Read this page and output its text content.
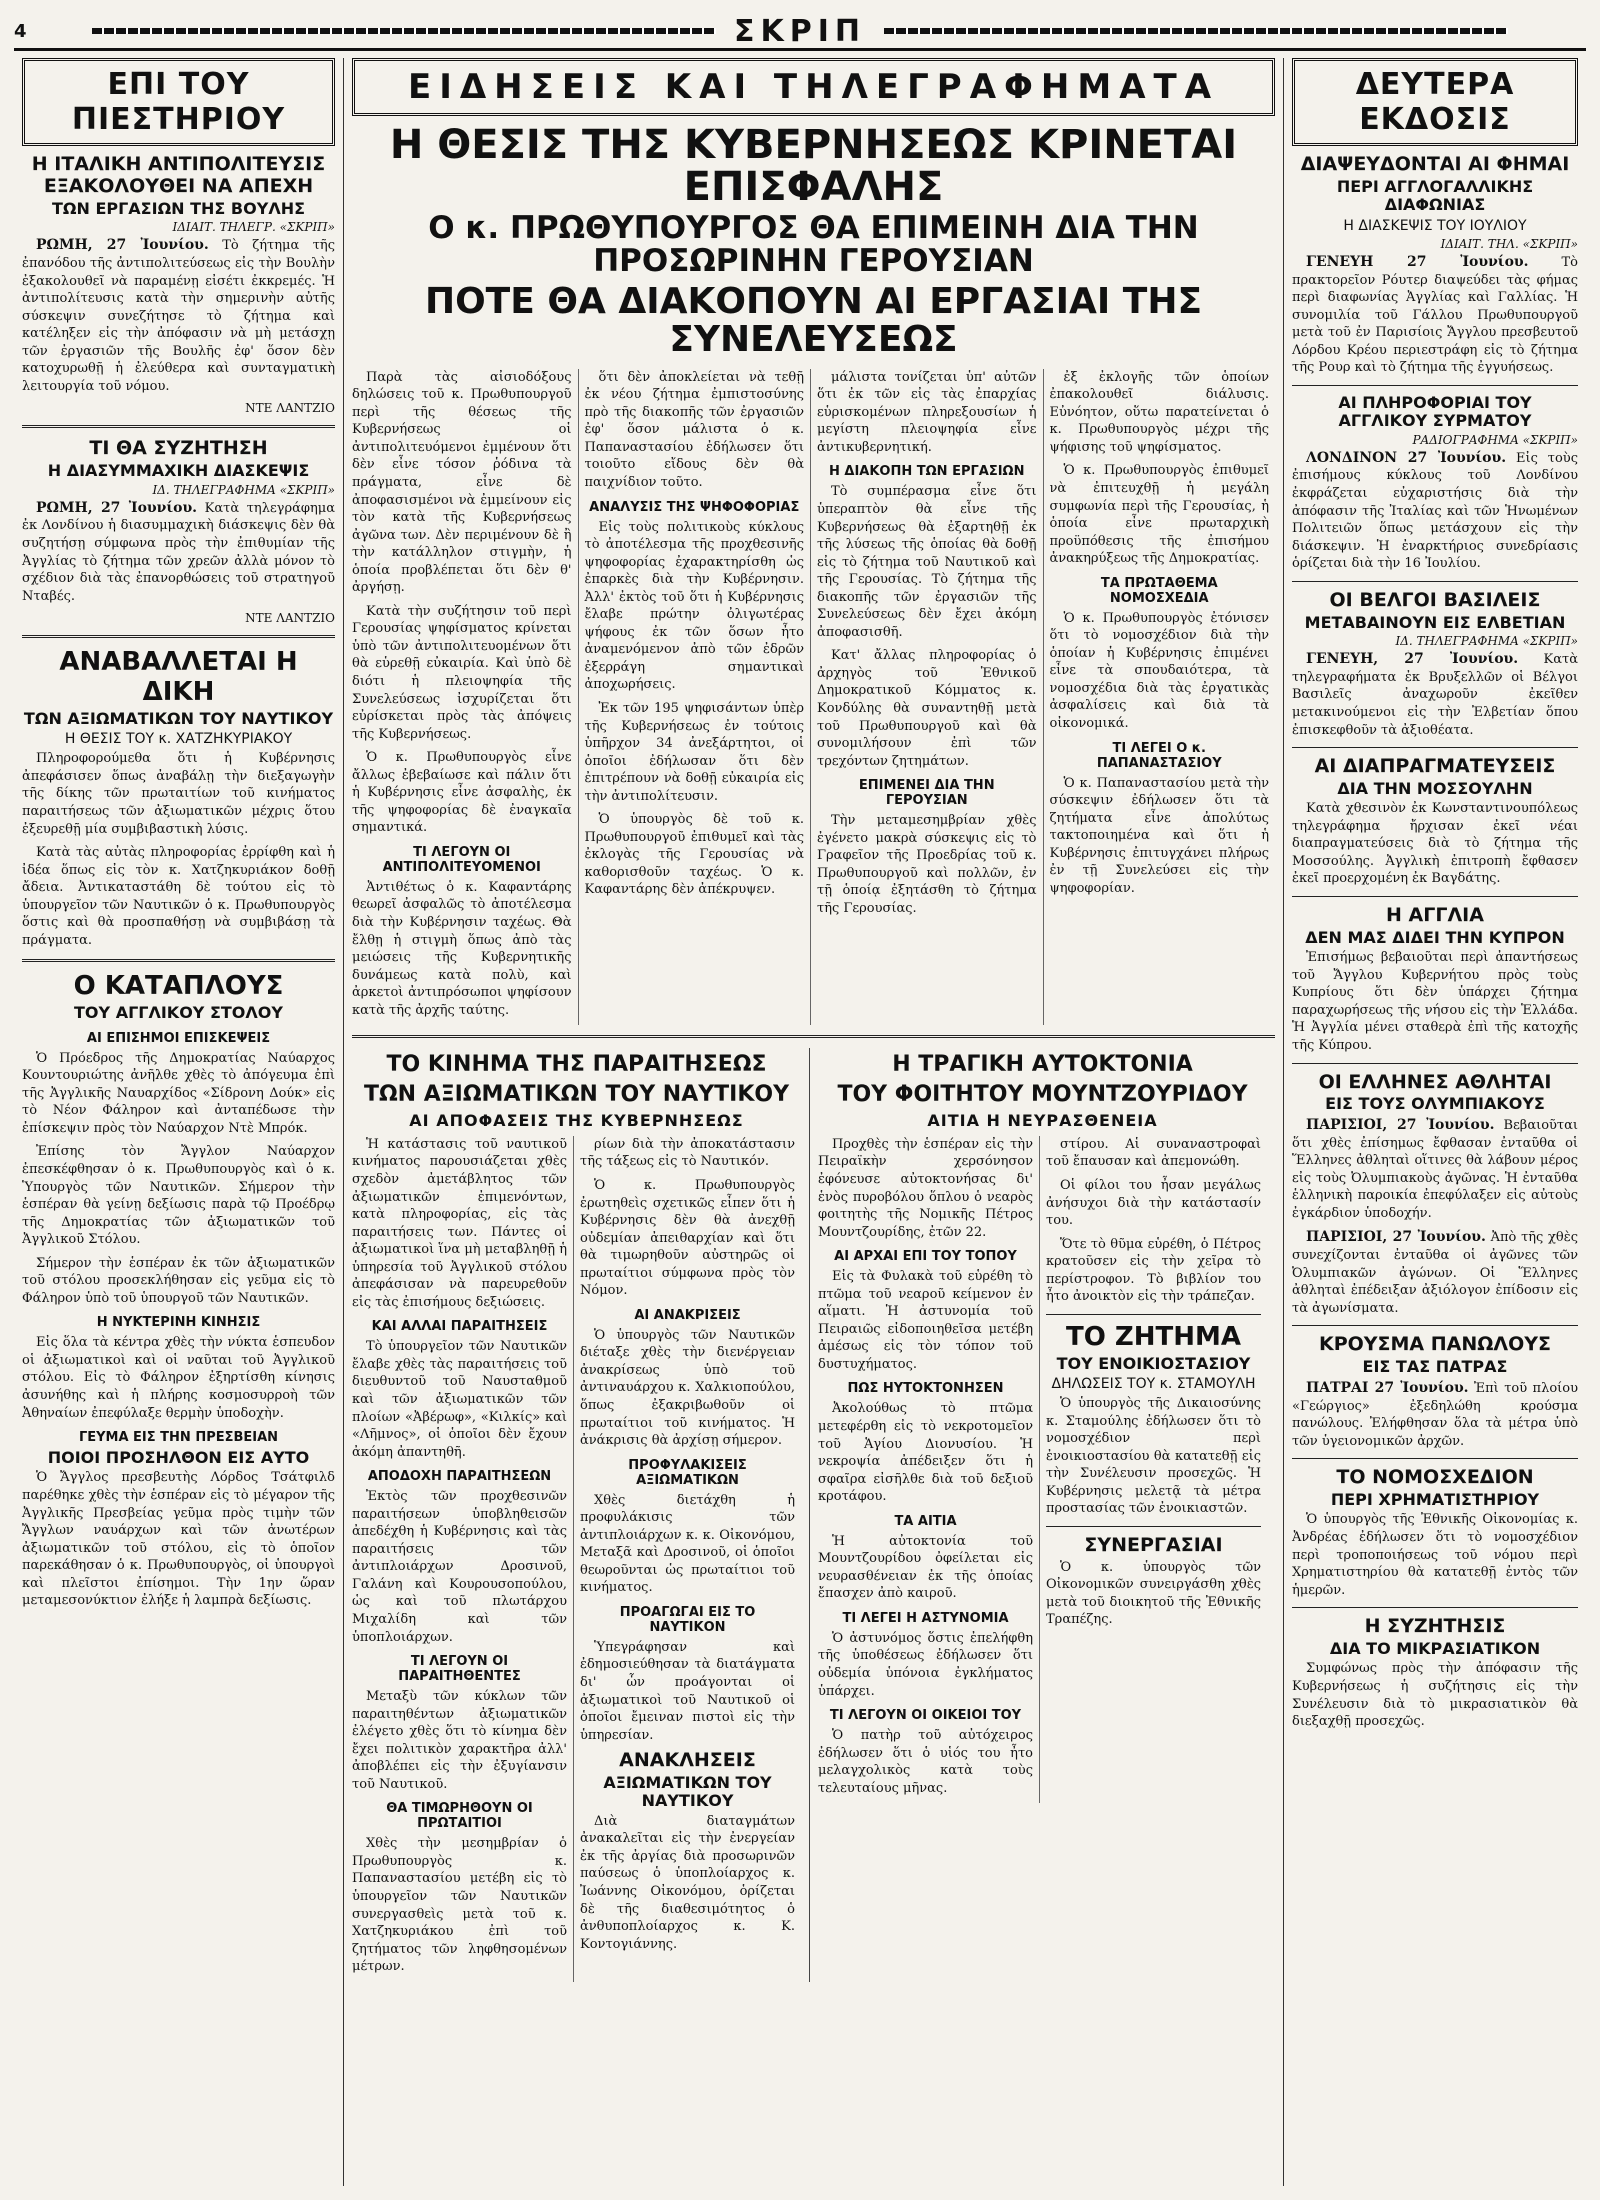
4	ΣΚΡΙΠ
ΕΠΙ ΤΟΥ ΠΙΕΣΤΗΡΙΟΥ
Η ΙΤΑΛΙΚΗ ΑΝΤΙΠΟΛΙΤΕΥΣΙΣ ΕΞΑΚΟΛΟΥΘΕΙ ΝΑ ΑΠΕΧΗ
ΤΩΝ ΕΡΓΑΣΙΩΝ ΤΗΣ ΒΟΥΛΗΣ
ΙΔΙΑΙΤ. ΤΗΛΕΓΡ. «ΣΚΡΙΠ»

ΡΩΜΗ, 27 Ἰουνίου. Τὸ ζήτημα τῆς ἐπανόδου τῆς ἀντιπολιτεύσεως εἰς τὴν Βουλὴν ἐξακολουθεῖ νὰ παραμένῃ εἰσέτι ἐκκρεμές. Ἡ ἀντιπολίτευσις κατὰ τὴν σημερινὴν αὐτῆς σύσκεψιν συνεζήτησε τὸ ζήτημα καὶ κατέληξεν εἰς τὴν ἀπόφασιν νὰ μὴ μετάσχῃ τῶν ἐργασιῶν τῆς Βουλῆς ἐφ' ὅσον δὲν κατοχυρωθῇ ἡ ἐλεύθερα καὶ συνταγματικὴ λειτουργία τοῦ νόμου.

ΝΤΕ ΛΑΝΤΖΙΟ
ΤΙ ΘΑ ΣΥΖΗΤΗΣΗ
Η ΔΙΑΣΥΜΜΑΧΙΚΗ ΔΙΑΣΚΕΨΙΣ
ΙΔ. ΤΗΛΕΓΡΑΦΗΜΑ «ΣΚΡΙΠ»

ΡΩΜΗ, 27 Ἰουνίου. Κατὰ τηλεγράφημα ἐκ Λονδίνου ἡ διασυμμαχικὴ διάσκεψις δὲν θὰ συζητήσῃ σύμφωνα πρὸς τὴν ἐπιθυμίαν τῆς Ἀγγλίας τὸ ζήτημα τῶν χρεῶν ἀλλὰ μόνον τὸ σχέδιον διὰ τὰς ἐπανορθώσεις τοῦ στρατηγοῦ Νταβές.

ΝΤΕ ΛΑΝΤΖΙΟ
ΑΝΑΒΑΛΛΕΤΑΙ Η ΔΙΚΗ
ΤΩΝ ΑΞΙΩΜΑΤΙΚΩΝ ΤΟΥ ΝΑΥΤΙΚΟΥ
Η ΘΕΣΙΣ ΤΟΥ κ. ΧΑΤΖΗΚΥΡΙΑΚΟΥ

Πληροφορούμεθα ὅτι ἡ Κυβέρνησις ἀπεφάσισεν ὅπως ἀναβάλῃ τὴν διεξαγωγὴν τῆς δίκης τῶν πρωταιτίων τοῦ κινήματος παραιτήσεως τῶν ἀξιωματικῶν μέχρις ὅτου ἐξευρεθῇ μία συμβιβαστικὴ λύσις.

Κατὰ τὰς αὐτὰς πληροφορίας ἐρρίφθη καὶ ἡ ἰδέα ὅπως εἰς τὸν κ. Χατζηκυριάκον δοθῇ ἄδεια. Ἀντικαταστάθη δὲ τούτου εἰς τὸ ὑπουργεῖον τῶν Ναυτικῶν ὁ κ. Πρωθυπουργὸς ὅστις καὶ θὰ προσπαθήσῃ νὰ συμβιβάσῃ τὰ πράγματα.

Ο ΚΑΤΑΠΛΟΥΣ
ΤΟΥ ΑΓΓΛΙΚΟΥ ΣΤΟΛΟΥ
ΑΙ ΕΠΙΣΗΜΟΙ ΕΠΙΣΚΕΨΕΙΣ

Ὁ Πρόεδρος τῆς Δημοκρατίας Ναύαρχος Κουντουριώτης ἀνῆλθε χθὲς τὸ ἀπόγευμα ἐπὶ τῆς Ἀγγλικῆς Ναυαρχίδος «Σίδρονη Δούκ» εἰς τὸ Νέον Φάληρον καὶ ἀνταπέδωσε τὴν ἐπίσκεψιν πρὸς τὸν Ναύαρχον Ντὲ Μπρόκ.

Ἐπίσης τὸν Ἄγγλον Ναύαρχον ἐπεσκέφθησαν ὁ κ. Πρωθυπουργὸς καὶ ὁ κ. Ὑπουργὸς τῶν Ναυτικῶν. Σήμερον τὴν ἑσπέραν θὰ γείνῃ δεξίωσις παρὰ τῷ Προέδρῳ τῆς Δημοκρατίας τῶν ἀξιωματικῶν τοῦ Ἀγγλικοῦ Στόλου.

Σήμερον τὴν ἑσπέραν ἐκ τῶν ἀξιωματικῶν τοῦ στόλου προσεκλήθησαν εἰς γεῦμα εἰς τὸ Φάληρον ὑπὸ τοῦ ὑπουργοῦ τῶν Ναυτικῶν.

Η ΝΥΚΤΕΡΙΝΗ ΚΙΝΗΣΙΣ

Εἰς ὅλα τὰ κέντρα χθὲς τὴν νύκτα ἑσπευδον οἱ ἀξιωματικοὶ καὶ οἱ ναῦται τοῦ Ἀγγλικοῦ στόλου. Εἰς τὸ Φάληρον ἐξηρτίσθη κίνησις ἀσυνήθης καὶ ἡ πλήρης κοσμοσυρροὴ τῶν Ἀθηναίων ἐπεφύλαξε θερμὴν ὑποδοχὴν.

ΓΕΥΜΑ ΕΙΣ ΤΗΝ ΠΡΕΣΒΕΙΑΝ
ΠΟΙΟΙ ΠΡΟΣΗΛΘΟΝ ΕΙΣ ΑΥΤΟ

Ὁ Ἄγγλος πρεσβευτὴς Λόρδος Τσάτφιλδ παρέθηκε χθὲς τὴν ἑσπέραν εἰς τὸ μέγαρον τῆς Ἀγγλικῆς Πρεσβείας γεῦμα πρὸς τιμὴν τῶν Ἄγγλων ναυάρχων καὶ τῶν ἀνωτέρων ἀξιωματικῶν τοῦ στόλου, εἰς τὸ ὁποῖον παρεκάθησαν ὁ κ. Πρωθυπουργὸς, οἱ ὑπουργοὶ καὶ πλεῖστοι ἐπίσημοι. Τὴν 1ην ὥραν μεταμεσονύκτιον ἐλήξε ἡ λαμπρὰ δεξίωσις.

ΕΙΔΗΣΕΙΣ ΚΑΙ ΤΗΛΕΓΡΑΦΗΜΑΤΑ
Η ΘΕΣΙΣ ΤΗΣ ΚΥΒΕΡΝΗΣΕΩΣ ΚΡΙΝΕΤΑΙ ΕΠΙΣΦΑΛΗΣ
Ο κ. ΠΡΩΘΥΠΟΥΡΓΟΣ ΘΑ ΕΠΙΜΕΙΝΗ ΔΙΑ ΤΗΝ ΠΡΟΣΩΡΙΝΗΝ ΓΕΡΟΥΣΙΑΝ
ΠΟΤΕ ΘΑ ΔΙΑΚΟΠΟΥΝ ΑΙ ΕΡΓΑΣΙΑΙ ΤΗΣ ΣΥΝΕΛΕΥΣΕΩΣ

Παρὰ τὰς αἰσιοδόξους δηλώσεις τοῦ κ. Πρωθυπουργοῦ περὶ τῆς θέσεως τῆς Κυβερνήσεως οἱ ἀντιπολιτευόμενοι ἐμμένουν ὅτι δὲν εἶνε τόσον ῥόδινα τὰ πράγματα, εἶνε δὲ ἀποφασισμένοι νὰ ἐμμείνουν εἰς τὸν κατὰ τῆς Κυβερνήσεως ἀγῶνα των. Δὲν περιμένουν δὲ ἢ τὴν κατάλληλον στιγμὴν, ἡ ὁποία προβλέπεται ὅτι δὲν θ' ἀργήσῃ.

Κατὰ τὴν συζήτησιν τοῦ περὶ Γερουσίας ψηφίσματος κρίνεται ὑπὸ τῶν ἀντιπολιτευομένων ὅτι θὰ εὑρεθῇ εὐκαιρία. Καὶ ὑπὸ δὲ διότι ἡ πλειοψηφία τῆς Συνελεύσεως ἰσχυρίζεται ὅτι εὐρίσκεται πρὸς τὰς ἀπόψεις τῆς Κυβερνήσεως.

Ὁ κ. Πρωθυπουργὸς εἶνε ἄλλως ἐβεβαίωσε καὶ πάλιν ὅτι ἡ Κυβέρνησις εἶνε ἀσφαλὴς, ἐκ τῆς ψηφοφορίας δὲ ἐναγκαῖα σημαντικά.

ΤΙ ΛΕΓΟΥΝ ΟΙ ΑΝΤΙΠΟΛΙΤΕΥΟΜΕΝΟΙ

Ἀντιθέτως ὁ κ. Καφαντάρης θεωρεῖ ἀσφαλῶς τὸ ἀποτέλεσμα διὰ τὴν Κυβέρνησιν ταχέως. Θὰ ἔλθῃ ἡ στιγμὴ ὅπως ἀπὸ τὰς μειώσεις τῆς Κυβερνητικῆς δυνάμεως κατὰ πολὺ, καὶ ἀρκετοὶ ἀντιπρόσωποι ψηφίσουν κατὰ τῆς ἀρχῆς ταύτης.

ὅτι δὲν ἀποκλείεται νὰ τεθῇ ἐκ νέου ζήτημα ἐμπιστοσύνης πρὸ τῆς διακοπῆς τῶν ἐργασιῶν ἐφ' ὅσον μάλιστα ὁ κ. Παπαναστασίου ἐδήλωσεν ὅτι τοιοῦτο εἴδους δὲν θὰ παιχνίδιον τοῦτο.

ΑΝΑΛΥΣΙΣ ΤΗΣ ΨΗΦΟΦΟΡΙΑΣ

Εἰς τοὺς πολιτικοὺς κύκλους τὸ ἀποτέλεσμα τῆς προχθεσινῆς ψηφοφορίας ἐχαρακτηρίσθη ὡς ἐπαρκὲς διὰ τὴν Κυβέρνησιν. Ἀλλ' ἐκτὸς τοῦ ὅτι ἡ Κυβέρνησις ἔλαβε πρώτην ὀλιγωτέρας ψήφους ἐκ τῶν ὅσων ἦτο ἀναμενόμενον ἀπὸ τῶν ἐδρῶν ἐξερράγη σημαντικαὶ ἀποχωρήσεις.

Ἐκ τῶν 195 ψηφισάντων ὑπὲρ τῆς Κυβερνήσεως ἐν τούτοις ὑπῆρχον 34 ἀνεξάρτητοι, οἱ ὁποῖοι ἐδήλωσαν ὅτι δὲν ἐπιτρέπουν νὰ δοθῇ εὐκαιρία εἰς τὴν ἀντιπολίτευσιν.

Ὁ ὑπουργὸς δὲ τοῦ κ. Πρωθυπουργοῦ ἐπιθυμεῖ καὶ τὰς ἐκλογὰς τῆς Γερουσίας νὰ καθορισθοῦν ταχέως. Ὁ κ. Καφαντάρης δὲν ἀπέκρυψεν.

μάλιστα τονίζεται ὑπ' αὐτῶν ὅτι ἐκ τῶν εἰς τὰς ἐπαρχίας εὑρισκομένων πληρεξουσίων ἡ μεγίστη πλειοψηφία εἶνε ἀντικυβερνητική.

Η ΔΙΑΚΟΠΗ ΤΩΝ ΕΡΓΑΣΙΩΝ

Τὸ συμπέρασμα εἶνε ὅτι ὑπεραπτὸν θὰ εἶνε τῆς Κυβερνήσεως θὰ ἐξαρτηθῇ ἐκ τῆς λύσεως τῆς ὁποίας θὰ δοθῇ εἰς τὸ ζήτημα τοῦ Ναυτικοῦ καὶ τῆς Γερουσίας. Τὸ ζήτημα τῆς διακοπῆς τῶν ἐργασιῶν τῆς Συνελεύσεως δὲν ἔχει ἀκόμη ἀποφασισθῆ.

Κατ' ἄλλας πληροφορίας ὁ ἀρχηγὸς τοῦ Ἐθνικοῦ Δημοκρατικοῦ Κόμματος κ. Κονδύλης θὰ συναντηθῇ μετὰ τοῦ Πρωθυπουργοῦ καὶ θὰ συνομιλήσουν ἐπὶ τῶν τρεχόντων ζητημάτων.

ΕΠΙΜΕΝΕΙ ΔΙΑ ΤΗΝ ΓΕΡΟΥΣΙΑΝ

Τὴν μεταμεσημβρίαν χθὲς ἐγένετο μακρὰ σύσκεψις εἰς τὸ Γραφεῖον τῆς Προεδρίας τοῦ κ. Πρωθυπουργοῦ καὶ πολλῶν, ἐν τῇ ὁποίᾳ ἐξητάσθη τὸ ζήτημα τῆς Γερουσίας.

ἐξ ἐκλογῆς τῶν ὁποίων ἐπακολουθεῖ διάλυσις. Εὐνόητον, οὕτω παρατείνεται ὁ κ. Πρωθυπουργὸς μέχρι τῆς ψήφισης τοῦ ψηφίσματος.

Ὁ κ. Πρωθυπουργὸς ἐπιθυμεῖ νὰ ἐπιτευχθῇ ἡ μεγάλη συμφωνία περὶ τῆς Γερουσίας, ἡ ὁποία εἶνε πρωταρχικὴ προϋπόθεσις τῆς ἐπισήμου ἀνακηρύξεως τῆς Δημοκρατίας.

ΤΑ ΠΡΩΤΑΘΕΜΑ ΝΟΜΟΣΧΕΔΙΑ

Ὁ κ. Πρωθυπουργὸς ἐτόνισεν ὅτι τὸ νομοσχέδιον διὰ τὴν ὁποίαν ἡ Κυβέρνησις ἐπιμένει εἶνε τὰ σπουδαιότερα, τὰ νομοσχέδια διὰ τὰς ἐργατικὰς ἀσφαλίσεις καὶ διὰ τὰ οἰκονομικά.

ΤΙ ΛΕΓΕΙ Ο κ. ΠΑΠΑΝΑΣΤΑΣΙΟΥ

Ὁ κ. Παπαναστασίου μετὰ τὴν σύσκεψιν ἐδήλωσεν ὅτι τὰ ζητήματα εἶνε ἀπολύτως τακτοποιημένα καὶ ὅτι ἡ Κυβέρνησις ἐπιτυγχάνει πλήρως ἐν τῇ Συνελεύσει εἰς τὴν ψηφοφορίαν.

ΤΟ ΚΙΝΗΜΑ ΤΗΣ ΠΑΡΑΙΤΗΣΕΩΣ
ΤΩΝ ΑΞΙΩΜΑΤΙΚΩΝ ΤΟΥ ΝΑΥΤΙΚΟΥ
ΑΙ ΑΠΟΦΑΣΕΙΣ ΤΗΣ ΚΥΒΕΡΝΗΣΕΩΣ

Ἡ κατάστασις τοῦ ναυτικοῦ κινήματος παρουσιάζεται χθὲς σχεδὸν ἀμετάβλητος τῶν ἀξιωματικῶν ἐπιμενόντων, κατὰ πληροφορίας, εἰς τὰς παραιτήσεις των. Πάντες οἱ ἀξιωματικοὶ ἵνα μὴ μεταβληθῇ ἡ ὑπηρεσία τοῦ Ἀγγλικοῦ στόλου ἀπεφάσισαν νὰ παρευρεθοῦν εἰς τὰς ἐπισήμους δεξιώσεις.

ΚΑΙ ΑΛΛΑΙ ΠΑΡΑΙΤΗΣΕΙΣ

Τὸ ὑπουργεῖον τῶν Ναυτικῶν ἔλαβε χθὲς τὰς παραιτήσεις τοῦ διευθυντοῦ τοῦ Ναυσταθμοῦ καὶ τῶν ἀξιωματικῶν τῶν πλοίων «Ἀβέρωφ», «Κιλκίς» καὶ «Λῆμνος», οἱ ὁποῖοι δὲν ἔχουν ἀκόμη ἀπαντηθῆ.

ΑΠΟΔΟΧΗ ΠΑΡΑΙΤΗΣΕΩΝ

Ἐκτὸς τῶν προχθεσινῶν παραιτήσεων ὑποβληθεισῶν ἀπεδέχθη ἡ Κυβέρνησις καὶ τὰς παραιτήσεις τῶν ἀντιπλοιάρχων Δροσινοῦ, Γαλάνη καὶ Κουρουσοπούλου, ὡς καὶ τοῦ πλωτάρχου Μιχαλίδη καὶ τῶν ὑποπλοιάρχων.

ΤΙ ΛΕΓΟΥΝ ΟΙ ΠΑΡΑΙΤΗΘΕΝΤΕΣ

Μεταξὺ τῶν κύκλων τῶν παραιτηθέντων ἀξιωματικῶν ἐλέγετο χθὲς ὅτι τὸ κίνημα δὲν ἔχει πολιτικὸν χαρακτῆρα ἀλλ' ἀποβλέπει εἰς τὴν ἐξυγίανσιν τοῦ Ναυτικοῦ.

ΘΑ ΤΙΜΩΡΗΘΟΥΝ ΟΙ ΠΡΩΤΑΙΤΙΟΙ

Χθὲς τὴν μεσημβρίαν ὁ Πρωθυπουργὸς κ. Παπαναστασίου μετέβη εἰς τὸ ὑπουργεῖον τῶν Ναυτικῶν συνεργασθεὶς μετὰ τοῦ κ. Χατζηκυριάκου ἐπὶ τοῦ ζητήματος τῶν ληφθησομένων μέτρων.

ρίων διὰ τὴν ἀποκατάστασιν τῆς τάξεως εἰς τὸ Ναυτικόν.

Ὁ κ. Πρωθυπουργὸς ἐρωτηθεὶς σχετικῶς εἶπεν ὅτι ἡ Κυβέρνησις δὲν θὰ ἀνεχθῇ οὐδεμίαν ἀπειθαρχίαν καὶ ὅτι θὰ τιμωρηθοῦν αὐστηρῶς οἱ πρωταίτιοι σύμφωνα πρὸς τὸν Νόμον.

ΑΙ ΑΝΑΚΡΙΣΕΙΣ

Ὁ ὑπουργὸς τῶν Ναυτικῶν διέταξε χθὲς τὴν διενέργειαν ἀνακρίσεως ὑπὸ τοῦ ἀντιναυάρχου κ. Χαλκιοπούλου, ὅπως ἐξακριβωθοῦν οἱ πρωταίτιοι τοῦ κινήματος. Ἡ ἀνάκρισις θὰ ἀρχίσῃ σήμερον.

ΠΡΟΦΥΛΑΚΙΣΕΙΣ ΑΞΙΩΜΑΤΙΚΩΝ

Χθὲς διετάχθη ἡ προφυλάκισις τῶν ἀντιπλοιάρχων κ. κ. Οἰκονόμου, Μεταξᾶ καὶ Δροσινοῦ, οἱ ὁποῖοι θεωροῦνται ὡς πρωταίτιοι τοῦ κινήματος.

ΠΡΟΑΓΩΓΑΙ ΕΙΣ ΤΟ ΝΑΥΤΙΚΟΝ

Ὑπεγράφησαν καὶ ἐδημοσιεύθησαν τὰ διατάγματα δι' ὧν προάγονται οἱ ἀξιωματικοὶ τοῦ Ναυτικοῦ οἱ ὁποῖοι ἔμειναν πιστοὶ εἰς τὴν ὑπηρεσίαν.

ΑΝΑΚΛΗΣΕΙΣ
ΑΞΙΩΜΑΤΙΚΩΝ ΤΟΥ ΝΑΥΤΙΚΟΥ

Διὰ διαταγμάτων ἀνακαλεῖται εἰς τὴν ἐνεργείαν ἐκ τῆς ἀργίας διὰ προσωρινῶν παύσεως ὁ ὑποπλοίαρχος κ. Ἰωάννης Οἰκονόμου, ὁρίζεται δὲ τῆς διαθεσιμότητος ὁ ἀνθυποπλοίαρχος κ. Κ. Κοντογιάννης.

Η ΤΡΑΓΙΚΗ ΑΥΤΟΚΤΟΝΙΑ
ΤΟΥ ΦΟΙΤΗΤΟΥ ΜΟΥΝΤΖΟΥΡΙΔΟΥ
ΑΙΤΙΑ Η ΝΕΥΡΑΣΘΕΝΕΙΑ

Προχθὲς τὴν ἑσπέραν εἰς τὴν Πειραϊκὴν χερσόνησον ἐφόνευσε αὐτοκτονήσας δι' ἑνὸς πυροβόλου ὅπλου ὁ νεαρὸς φοιτητὴς τῆς Νομικῆς Πέτρος Μουντζουρίδης, ἐτῶν 22.

ΑΙ ΑΡΧΑΙ ΕΠΙ ΤΟΥ ΤΟΠΟΥ

Εἰς τὰ Φυλακὰ τοῦ εὑρέθη τὸ πτῶμα τοῦ νεαροῦ κείμενον ἐν αἵματι. Ἡ ἀστυνομία τοῦ Πειραιῶς εἰδοποιηθεῖσα μετέβη ἀμέσως εἰς τὸν τόπον τοῦ δυστυχήματος.

ΠΩΣ ΗΥΤΟΚΤΟΝΗΣΕΝ

Ἀκολούθως τὸ πτῶμα μετεφέρθη εἰς τὸ νεκροτομεῖον τοῦ Ἁγίου Διονυσίου. Ἡ νεκροψία ἀπέδειξεν ὅτι ἡ σφαῖρα εἰσῆλθε διὰ τοῦ δεξιοῦ κροτάφου.

ΤΑ ΑΙΤΙΑ

Ἡ αὐτοκτονία τοῦ Μουντζουρίδου ὀφείλεται εἰς νευρασθένειαν ἐκ τῆς ὁποίας ἔπασχεν ἀπὸ καιροῦ.

ΤΙ ΛΕΓΕΙ Η ΑΣΤΥΝΟΜΙΑ

Ὁ ἀστυνόμος ὅστις ἐπελήφθη τῆς ὑποθέσεως ἐδήλωσεν ὅτι οὐδεμία ὑπόνοια ἐγκλήματος ὑπάρχει.

ΤΙ ΛΕΓΟΥΝ ΟΙ ΟΙΚΕΙΟΙ ΤΟΥ

Ὁ πατὴρ τοῦ αὐτόχειρος ἐδήλωσεν ὅτι ὁ υἱός του ἦτο μελαγχολικὸς κατὰ τοὺς τελευταίους μῆνας.

στίρου. Αἱ συναναστροφαὶ τοῦ ἔπαυσαν καὶ ἀπεμονώθη.

Οἱ φίλοι του ἦσαν μεγάλως ἀνήσυχοι διὰ τὴν κατάστασίν του.

Ὅτε τὸ θῦμα εὑρέθη, ὁ Πέτρος κρατοῦσεν εἰς τὴν χεῖρα τὸ περίστροφον. Τὸ βιβλίον του ἦτο ἀνοικτὸν εἰς τὴν τράπεζαν.

ΤΟ ΖΗΤΗΜΑ
ΤΟΥ ΕΝΟΙΚΙΟΣΤΑΣΙΟΥ
ΔΗΛΩΣΕΙΣ ΤΟΥ κ. ΣΤΑΜΟΥΛΗ

Ὁ ὑπουργὸς τῆς Δικαιοσύνης κ. Σταμούλης ἐδήλωσεν ὅτι τὸ νομοσχέδιον περὶ ἐνοικιοστασίου θὰ κατατεθῇ εἰς τὴν Συνέλευσιν προσεχῶς. Ἡ Κυβέρνησις μελετᾷ τὰ μέτρα προστασίας τῶν ἐνοικιαστῶν.

ΣΥΝΕΡΓΑΣΙΑΙ

Ὁ κ. ὑπουργὸς τῶν Οἰκονομικῶν συνειργάσθη χθὲς μετὰ τοῦ διοικητοῦ τῆς Ἐθνικῆς Τραπέζης.

ΔΕΥΤΕΡΑ ΕΚΔΟΣΙΣ
ΔΙΑΨΕΥΔΟΝΤΑΙ ΑΙ ΦΗΜΑΙ
ΠΕΡΙ ΑΓΓΛΟΓΑΛΛΙΚΗΣ ΔΙΑΦΩΝΙΑΣ
Η ΔΙΑΣΚΕΨΙΣ ΤΟΥ ΙΟΥΛΙΟΥ
ΙΔΙΑΙΤ. ΤΗΛ. «ΣΚΡΙΠ»

ΓΕΝΕΥΗ 27 Ἰουνίου.	Τὸ πρακτορεῖον Ρόυτερ διαψεύδει τὰς φήμας περὶ διαφωνίας Ἀγγλίας καὶ Γαλλίας. Ἡ συνομιλία τοῦ Γάλλου Πρωθυπουργοῦ μετὰ τοῦ ἐν Παρισίοις Ἄγγλου πρεσβευτοῦ Λόρδου Κρέου περιεστράφη εἰς τὸ ζήτημα τῆς Ρουρ καὶ τὸ ζήτημα τῆς ἐγγυήσεως.

ΑΙ ΠΛΗΡΟΦΟΡΙΑΙ ΤΟΥ ΑΓΓΛΙΚΟΥ ΣΥΡΜΑΤΟΥ
ΡΑΔΙΟΓΡΑΦΗΜΑ «ΣΚΡΙΠ»

ΛΟΝΔΙΝΟΝ 27 Ἰουνίου. Εἰς τοὺς ἐπισήμους κύκλους τοῦ Λονδίνου ἐκφράζεται εὐχαριστήσις διὰ τὴν ἀπόφασιν τῆς Ἰταλίας καὶ τῶν Ἡνωμένων Πολιτειῶν ὅπως μετάσχουν εἰς τὴν διάσκεψιν. Ἡ ἐναρκτήριος συνεδρίασις ὁρίζεται διὰ τὴν 16 Ἰουλίου.

ΟΙ ΒΕΛΓΟΙ ΒΑΣΙΛΕΙΣ
ΜΕΤΑΒΑΙΝΟΥΝ ΕΙΣ ΕΛΒΕΤΙΑΝ
ΙΔ. ΤΗΛΕΓΡΑΦΗΜΑ «ΣΚΡΙΠ»

ΓΕΝΕΥΗ, 27 Ἰουνίου. Κατὰ τηλεγραφήματα ἐκ Βρυξελλῶν οἱ Βέλγοι Βασιλεῖς ἀναχωροῦν ἐκεῖθεν μετακινούμενοι εἰς τὴν Ἐλβετίαν ὅπου ἐπισκεφθοῦν τὰ ἀξιοθέατα.

ΑΙ ΔΙΑΠΡΑΓΜΑΤΕΥΣΕΙΣ
ΔΙΑ ΤΗΝ ΜΟΣΣΟΥΛΗΝ

Κατὰ χθεσινὸν ἐκ Κωνσταντινουπόλεως τηλεγράφημα ἤρχισαν ἐκεῖ νέαι διαπραγματεύσεις διὰ τὸ ζήτημα τῆς Μοσσούλης. Ἀγγλικὴ ἐπιτροπὴ ἔφθασεν ἐκεῖ προερχομένη ἐκ Βαγδάτης.

Η ΑΓΓΛΙΑ
ΔΕΝ ΜΑΣ ΔΙΔΕΙ ΤΗΝ ΚΥΠΡΟΝ

Ἐπισήμως βεβαιοῦται περὶ ἀπαντήσεως τοῦ Ἄγγλου Κυβερνήτου πρὸς τοὺς Κυπρίους ὅτι δὲν ὑπάρχει ζήτημα παραχωρήσεως τῆς νήσου εἰς τὴν Ἑλλάδα. Ἡ Ἀγγλία μένει σταθερὰ ἐπὶ τῆς κατοχῆς τῆς Κύπρου.

ΟΙ ΕΛΛΗΝΕΣ ΑΘΛΗΤΑΙ
ΕΙΣ ΤΟΥΣ ΟΛΥΜΠΙΑΚΟΥΣ

ΠΑΡΙΣΙΟΙ, 27 Ἰουνίου. Βεβαιοῦται ὅτι χθὲς ἐπίσημως ἔφθασαν ἐνταῦθα οἱ Ἕλληνες ἀθληταὶ οἵτινες θὰ λάβουν μέρος εἰς τοὺς Ὀλυμπιακοὺς ἀγῶνας. Ἡ ἐνταῦθα ἑλληνικὴ παροικία ἐπεφύλαξεν εἰς αὐτοὺς ἐγκάρδιον ὑποδοχήν.

ΠΑΡΙΣΙΟΙ, 27 Ἰουνίου. Ἀπὸ τῆς χθὲς συνεχίζονται ἐνταῦθα οἱ ἀγῶνες τῶν Ὀλυμπιακῶν ἀγώνων. Οἱ Ἕλληνες ἀθληταὶ ἐπέδειξαν ἀξιόλογον ἐπίδοσιν εἰς τὰ ἀγωνίσματα.

ΚΡΟΥΣΜΑ ΠΑΝΩΛΟΥΣ
ΕΙΣ ΤΑΣ ΠΑΤΡΑΣ

ΠΑΤΡΑΙ 27 Ἰουνίου. Ἐπὶ τοῦ πλοίου «Γεώργιος» ἐξεδηλώθη κρούσμα πανώλους. Ἐλήφθησαν ὅλα τὰ μέτρα ὑπὸ τῶν ὑγειονομικῶν ἀρχῶν.

ΤΟ ΝΟΜΟΣΧΕΔΙΟΝ
ΠΕΡΙ ΧΡΗΜΑΤΙΣΤΗΡΙΟΥ

Ὁ ὑπουργὸς τῆς Ἐθνικῆς Οἰκονομίας κ. Ἀνδρέας ἐδήλωσεν ὅτι τὸ νομοσχέδιον περὶ τροποποιήσεως τοῦ νόμου περὶ Χρηματιστηρίου θὰ κατατεθῇ ἐντὸς τῶν ἡμερῶν.

Η ΣΥΖΗΤΗΣΙΣ
ΔΙΑ ΤΟ ΜΙΚΡΑΣΙΑΤΙΚΟΝ

Συμφώνως πρὸς τὴν ἀπόφασιν τῆς Κυβερνήσεως ἡ συζήτησις εἰς τὴν Συνέλευσιν διὰ τὸ μικρασιατικὸν θὰ διεξαχθῇ προσεχῶς.
